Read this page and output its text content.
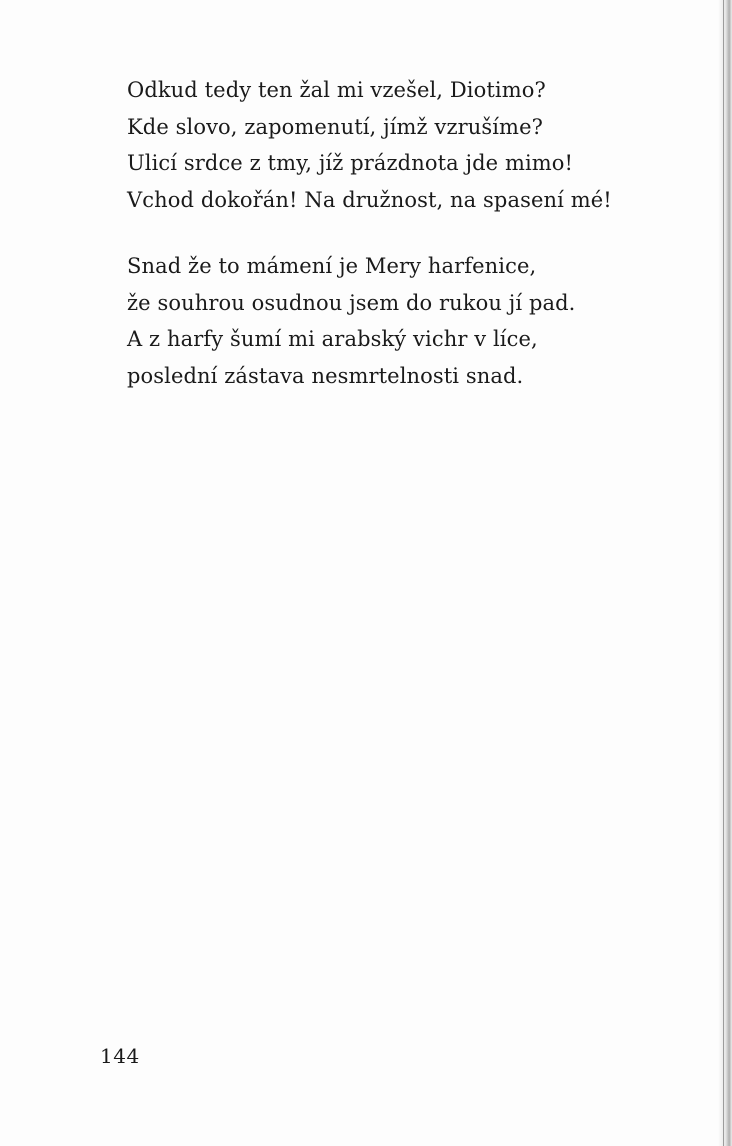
Odkud tedy ten žal mi vzešel, Diotimo?
Kde slovo, zapomenutí, jímž vzrušíme?
Ulicí srdce z tmy, jíž prázdnota jde mimo!
Vchod dokořán! Na družnost, na spasení mé!
Snad že to mámení je Mery harfenice,
že souhrou osudnou jsem do rukou jí pad.
A z harfy šumí mi arabský vichr v líce,
poslední zástava nesmrtelnosti snad.
144
